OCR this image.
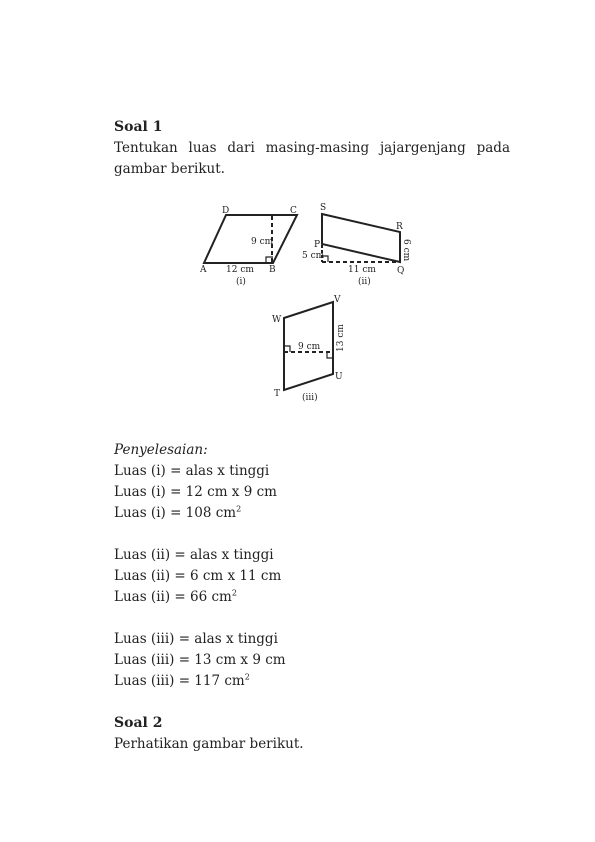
Soal 1
Tentukan luas dari masing-masing jajargenjang pada gambar berikut.
D	C
A	B
9 cm
12 cm
(i)
S
R
P
Q
5 cm	6 cm
11 cm
(ii)
W
V
T
U
9 cm 13 cm
(iii)
Penyelesaian:
Luas (i) = alas x tinggi
Luas (i) = 12 cm x 9 cm
Luas (i) = 108 $cm^2$
Luas (ii) = alas x tinggi
Luas (ii) = 6 cm x 11 cm
Luas (ii) = 66 $cm^2$
Luas (iii) = alas x tinggi
Luas (iii) = 13 cm x 9 cm
Luas (iii) = 117 $cm^2$
Soal 2
Perhatikan gambar berikut.
